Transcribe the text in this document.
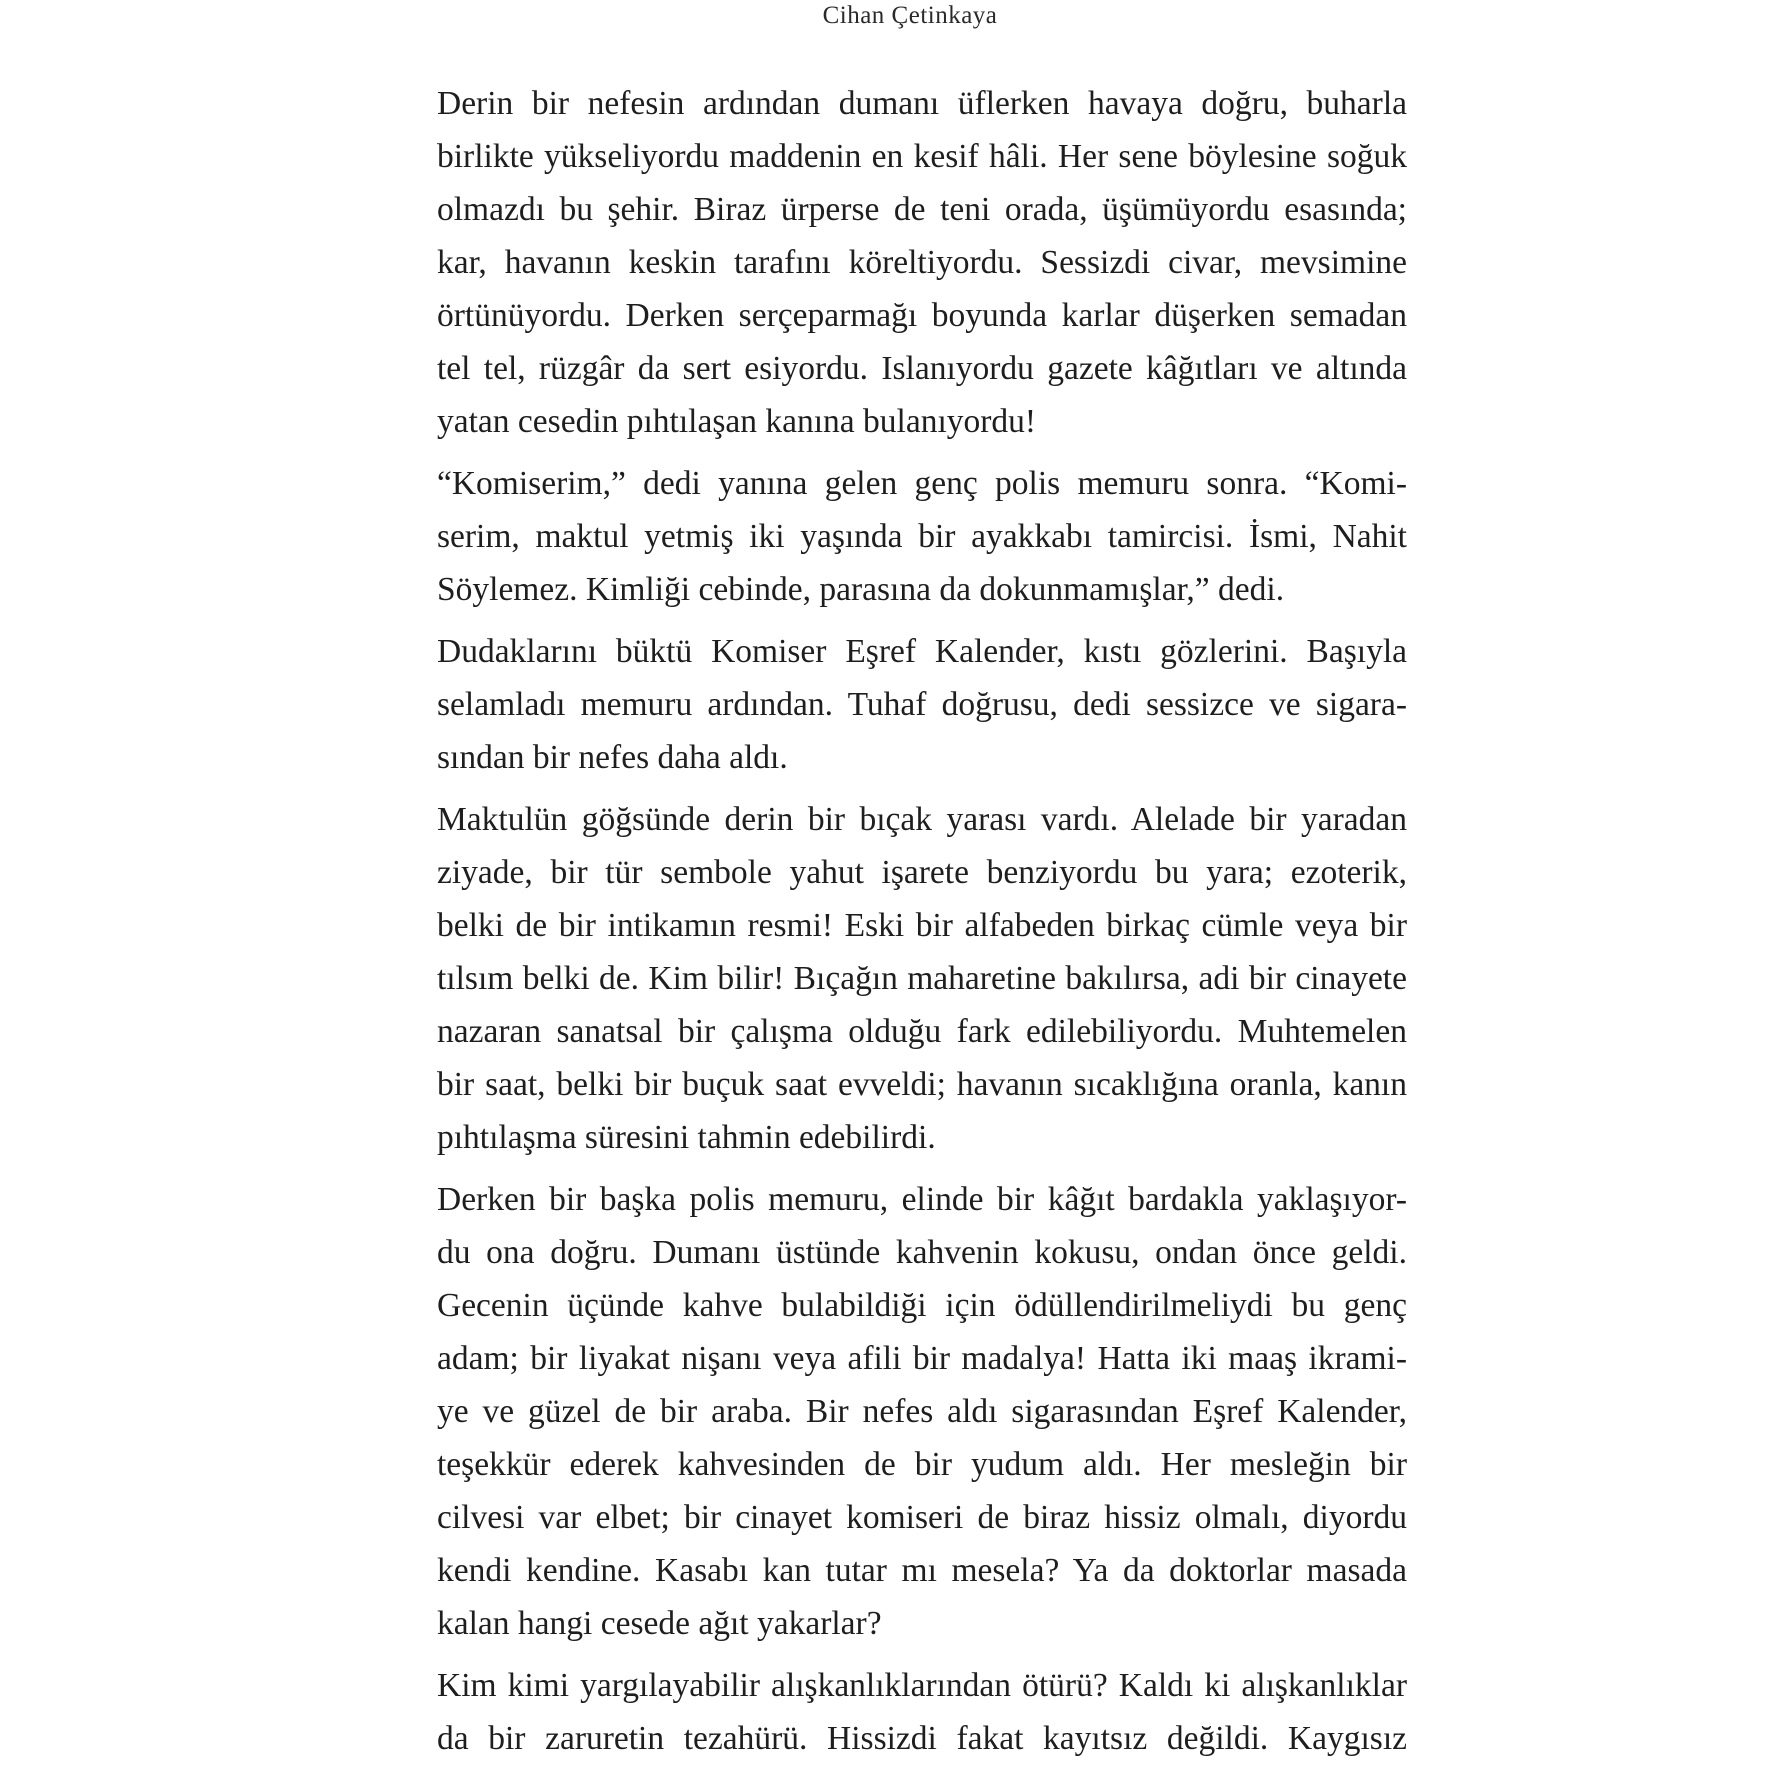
Cihan Çetinkaya
Derin bir nefesin ardından dumanı üflerken havaya doğru, buharla
birlikte yükseliyordu maddenin en kesif hâli. Her sene böylesine soğuk
olmazdı bu şehir. Biraz ürperse de teni orada, üşümüyordu esasında;
kar, havanın keskin tarafını köreltiyordu. Sessizdi civar, mevsimine
örtünüyordu. Derken serçeparmağı boyunda karlar düşerken semadan
tel tel, rüzgâr da sert esiyordu. Islanıyordu gazete kâğıtları ve altında
yatan cesedin pıhtılaşan kanına bulanıyordu!
“Komiserim,” dedi yanına gelen genç polis memuru sonra. “Komi-
serim, maktul yetmiş iki yaşında bir ayakkabı tamircisi. İsmi, Nahit
Söylemez. Kimliği cebinde, parasına da dokunmamışlar,” dedi.
Dudaklarını büktü Komiser Eşref Kalender, kıstı gözlerini. Başıyla
selamladı memuru ardından. Tuhaf doğrusu, dedi sessizce ve sigara-
sından bir nefes daha aldı.
Maktulün göğsünde derin bir bıçak yarası vardı. Alelade bir yaradan
ziyade, bir tür sembole yahut işarete benziyordu bu yara; ezoterik,
belki de bir intikamın resmi! Eski bir alfabeden birkaç cümle veya bir
tılsım belki de. Kim bilir! Bıçağın maharetine bakılırsa, adi bir cinayete
nazaran sanatsal bir çalışma olduğu fark edilebiliyordu. Muhtemelen
bir saat, belki bir buçuk saat evveldi; havanın sıcaklığına oranla, kanın
pıhtılaşma süresini tahmin edebilirdi.
Derken bir başka polis memuru, elinde bir kâğıt bardakla yaklaşıyor-
du ona doğru. Dumanı üstünde kahvenin kokusu, ondan önce geldi.
Gecenin üçünde kahve bulabildiği için ödüllendirilmeliydi bu genç
adam; bir liyakat nişanı veya afili bir madalya! Hatta iki maaş ikrami-
ye ve güzel de bir araba. Bir nefes aldı sigarasından Eşref Kalender,
teşekkür ederek kahvesinden de bir yudum aldı. Her mesleğin bir
cilvesi var elbet; bir cinayet komiseri de biraz hissiz olmalı, diyordu
kendi kendine. Kasabı kan tutar mı mesela? Ya da doktorlar masada
kalan hangi cesede ağıt yakarlar?
Kim kimi yargılayabilir alışkanlıklarından ötürü? Kaldı ki alışkanlıklar
da bir zaruretin tezahürü. Hissizdi fakat kayıtsız değildi. Kaygısız
